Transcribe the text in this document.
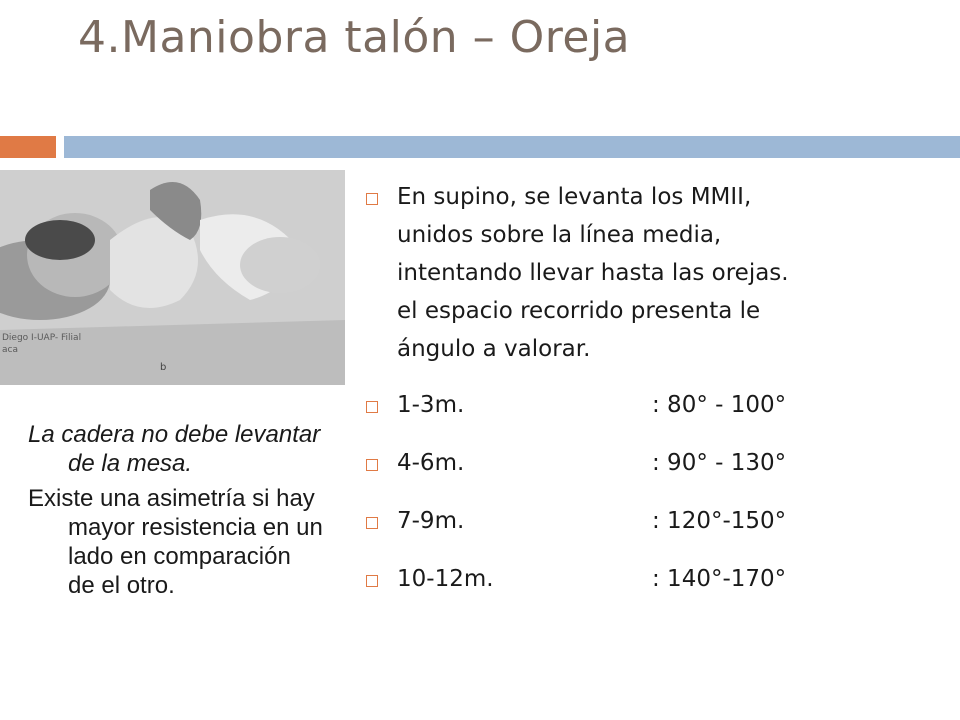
4.Maniobra talón – Oreja
b
Diego I-UAP- Filial
aca

La cadera no debe levantar
de la mesa.

Existe una asimetría si hay
mayor resistencia en un
lado en comparación
de el otro.

En supino, se levanta los MMII,
unidos sobre la línea media,
intentando llevar hasta las orejas.
el espacio recorrido presenta le
ángulo a valorar.
1-3m.	: 80° - 100°
4-6m.	: 90° - 130°
7-9m.	: 120°-150°
10-12m.	: 140°-170°
